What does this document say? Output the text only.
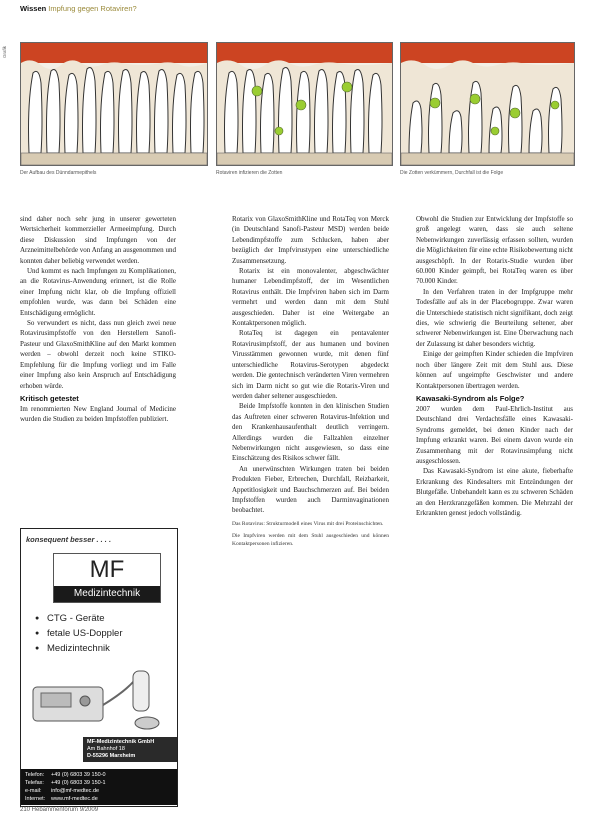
Wissen Impfung gegen Rotaviren?
Grafik
Der Aufbau des Dünndarmepithels	Rotaviren infizieren die Zotten	Die Zotten verkümmern, Durchfall ist die Folge

sind daher noch sehr jung in unserer gewerteten Wertsicherheit kommerzieller Armeeimpfung. Durch diese Diskussion sind Impfungen von der Arzneimittelbehörde von Anfang an ausgenommen und konnten daher beliebig verwendet werden.

Und kommt es nach Impfungen zu Komplikationen, an die Rotavirus-Anwendung erinnert, ist die Rolle einer Impfung nicht klar, ob die Impfung offiziell empfohlen wurde, was dann bei Schäden eine Entschädigung ermöglicht.

So verwundert es nicht, dass nun gleich zwei neue Rotavirusimpfstoffe von den Herstellern Sanofi-Pasteur und GlaxoSmithKline auf den Markt kommen werden – obwohl derzeit noch keine STIKO-Empfehlung für die Impfung vorliegt und im Falle einer Impfung also kein Anspruch auf Entschädigung erhoben würde.

Kritisch getestet

Im renommierten New England Journal of Medicine wurden die Studien zu beiden Impfstoffen publiziert.

konsequent besser . . . .
MF
Medizintechnik
● CTG - Geräte
● fetale US-Doppler
● Medizintechnik
MF-Medizintechnik GmbH
Am Bahnhof 18
D-55296 Marxheim
Telefon: +49 (0) 6803 39 150-0
Telefax: +49 (0) 6803 39 150-1
e-mail: info@mf-medtec.de
Internet: www.mf-medtec.de

Rotarix von GlaxoSmithKline und RotaTeq von Merck (in Deutschland Sanofi-Pasteur MSD) werden beide Lebendimpfstoffe zum Schlucken, haben aber bezüglich der Impfvirustypen eine unterschiedliche Zusammensetzung.

Rotarix ist ein monovalenter, abgeschwächter humaner Lebendimpfstoff, der im Wesentlichen Rotavirus enthält. Die Impfviren haben sich im Darm vermehrt und werden dann mit dem Stuhl ausgeschieden. Daher ist eine Weitergabe an Kontaktpersonen möglich.

RotaTeq ist dagegen ein pentavalenter Rotavirusimpfstoff, der aus humanen und bovinen Virusstämmen gewonnen wurde, mit denen fünf unterschiedliche Rotavirus-Serotypen abgedeckt werden. Die gentechnisch veränderten Viren vermehren sich im Darm nicht so gut wie die Rotarix-Viren und werden daher seltener ausgeschieden.

Beide Impfstoffe konnten in den klinischen Studien das Auftreten einer schweren Rotavirus-Infektion und den Krankenhausaufenthalt deutlich verringern. Allerdings wurden die Fallzahlen einzelner Nebenwirkungen nicht ausgewiesen, so dass eine Einschätzung des Risikos schwer fällt.

An unerwünschten Wirkungen traten bei beiden Produkten Fieber, Erbrechen, Durchfall, Reizbarkeit, Appetitlosigkeit und Bauchschmerzen auf. Bei beiden Impfstoffen wurden auch Darminvaginationen beobachtet.

Das Rotavirus: Strukturmodell eines Virus mit drei Proteinschichten.

Die Impfviren werden mit dem Stuhl ausgeschieden und können Kontaktpersonen infizieren.

Obwohl die Studien zur Entwicklung der Impfstoffe so groß angelegt waren, dass sie auch seltene Nebenwirkungen zuverlässig erfassen sollten, wurden die Möglichkeiten für eine echte Risikobewertung nicht ausgeschöpft. In der Rotarix-Studie wurden über 60.000 Kinder geimpft, bei RotaTeq waren es über 70.000 Kinder.

In den Verfahren traten in der Impfgruppe mehr Todesfälle auf als in der Placebogruppe. Zwar waren die Unterschiede statistisch nicht signifikant, doch zeigt dies, wie schwierig die Beurteilung seltener, aber schwerer Nebenwirkungen ist. Eine Überwachung nach der Zulassung ist daher besonders wichtig.

Einige der geimpften Kinder schieden die Impfviren noch über längere Zeit mit dem Stuhl aus. Diese können auf ungeimpfte Geschwister und andere Kontaktpersonen übertragen werden.

Kawasaki-Syndrom als Folge?

2007 wurden dem Paul-Ehrlich-Institut aus Deutschland drei Verdachtsfälle eines Kawasaki-Syndroms gemeldet, bei denen Kinder nach der Impfung erkrankt waren. Bei einem davon wurde ein Zusammenhang mit der Rotavirusimpfung nicht ausgeschlossen.

Das Kawasaki-Syndrom ist eine akute, fieberhafte Erkrankung des Kindesalters mit Entzündungen der Blutgefäße. Unbehandelt kann es zu schweren Schäden an den Herzkranzgefäßen kommen. Die Mehrzahl der Erkrankten genest jedoch vollständig.

210 Hebammenforum 9/2009
